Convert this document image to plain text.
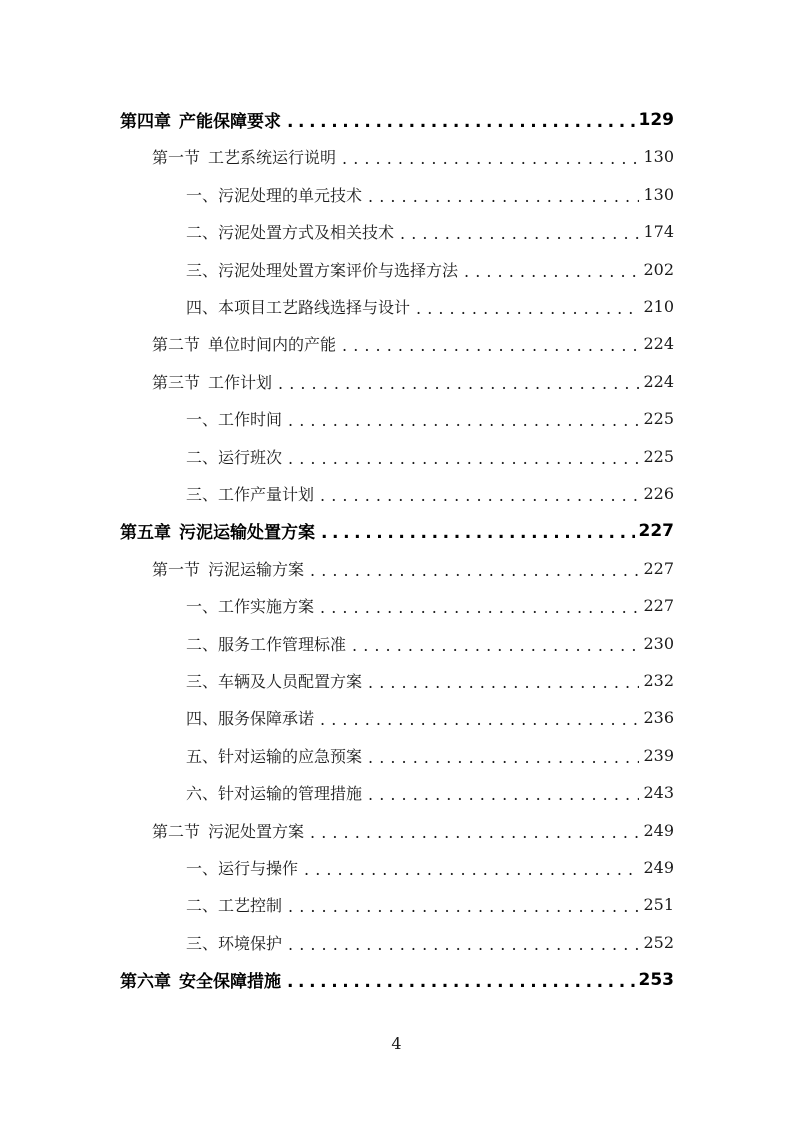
第四章 产能保障要求 .....	129
第一节 工艺系统运行说明 . . .	130
一、污泥处理的单元技术 . . .	130
二、污泥处置方式及相关技术 . . .	174
三、污泥处理处置方案评价与选择方法 . . .	202
四、本项目工艺路线选择与设计 . . .	210
第二节 单位时间内的产能 . . .	224
第三节 工作计划 . . .	224
一、工作时间 . . .	225
二、运行班次 . . .	225
三、工作产量计划 . . .	226
第五章 污泥运输处置方案 .....	227
第一节 污泥运输方案 . . .	227
一、工作实施方案 . . .	227
二、服务工作管理标准 . . .	230
三、车辆及人员配置方案 . . .	232
四、服务保障承诺 . . .	236
五、针对运输的应急预案 . . .	239
六、针对运输的管理措施 . . .	243
第二节 污泥处置方案 . . .	249
一、运行与操作 . . .	249
二、工艺控制 . . .	251
三、环境保护 . . .	252
第六章 安全保障措施 .....	253
4
